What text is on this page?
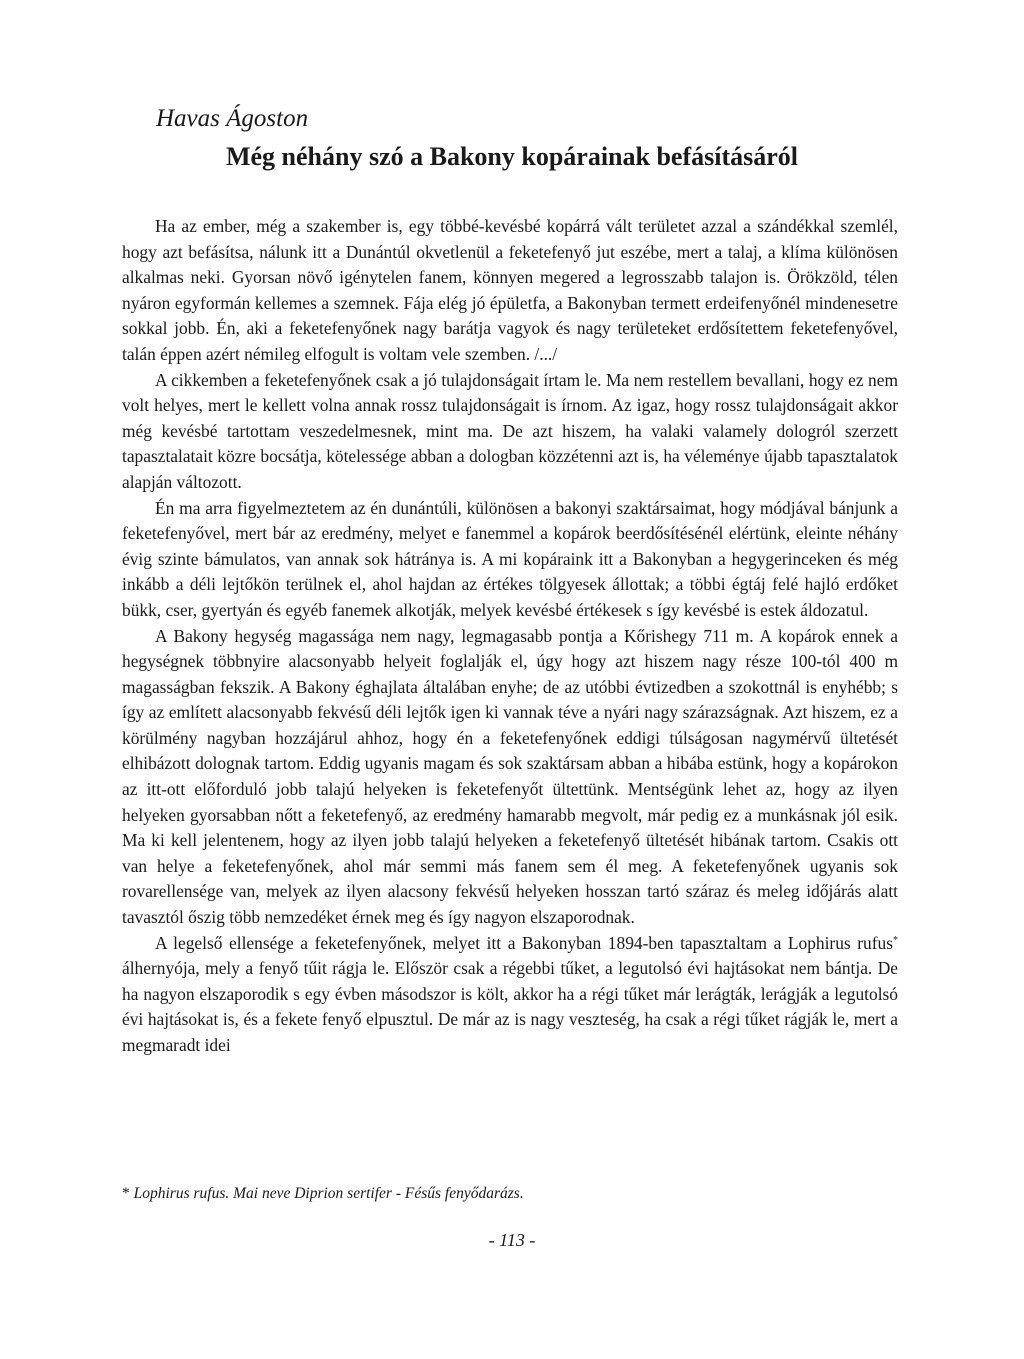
Havas Ágoston
Még néhány szó a Bakony kopárainak befásításáról

Ha az ember, még a szakember is, egy többé-kevésbé kopárrá vált területet azzal a szándékkal szemlél, hogy azt befásítsa, nálunk itt a Dunántúl okvetlenül a feketefenyő jut eszébe, mert a talaj, a klíma különösen alkalmas neki. Gyorsan növő igénytelen fanem, könnyen megered a legrosszabb talajon is. Örökzöld, télen nyáron egyformán kellemes a szemnek. Fája elég jó épületfa, a Bakonyban termett erdeifenyőnél mindenesetre sokkal jobb. Én, aki a feketefenyőnek nagy barátja vagyok és nagy területeket erdősítettem feketefenyővel, talán éppen azért némileg elfogult is voltam vele szemben. /.../

A cikkemben a feketefenyőnek csak a jó tulajdonságait írtam le. Ma nem restellem bevallani, hogy ez nem volt helyes, mert le kellett volna annak rossz tulajdonságait is írnom. Az igaz, hogy rossz tulajdonságait akkor még kevésbé tartottam veszedelmesnek, mint ma. De azt hiszem, ha valaki valamely dologról szerzett tapasztalatait közre bocsátja, kötelessége abban a dologban közzétenni azt is, ha véleménye újabb tapasztalatok alapján változott.

Én ma arra figyelmeztetem az én dunántúli, különösen a bakonyi szaktársaimat, hogy módjával bánjunk a feketefenyővel, mert bár az eredmény, melyet e fanemmel a kopárok beerdősítésénél elértünk, eleinte néhány évig szinte bámulatos, van annak sok hátránya is. A mi kopáraink itt a Bakonyban a hegygerinceken és még inkább a déli lejtőkön terülnek el, ahol hajdan az értékes tölgyesek állottak; a többi égtáj felé hajló erdőket bükk, cser, gyertyán és egyéb fanemek alkotják, melyek kevésbé értékesek s így kevésbé is estek áldozatul.

A Bakony hegység magassága nem nagy, legmagasabb pontja a Kőrishegy 711 m. A kopárok ennek a hegységnek többnyire alacsonyabb helyeit foglalják el, úgy hogy azt hiszem nagy része 100-tól 400 m magasságban fekszik. A Bakony éghajlata általában enyhe; de az utóbbi évtizedben a szokottnál is enyhébb; s így az említett alacsonyabb fekvésű déli lejtők igen ki vannak téve a nyári nagy szárazságnak. Azt hiszem, ez a körülmény nagyban hozzájárul ahhoz, hogy én a feketefenyőnek eddigi túlságosan nagymérvű ültetését elhibázott dolognak tartom. Eddig ugyanis magam és sok szaktársam abban a hibába estünk, hogy a kopárokon az itt-ott előforduló jobb talajú helyeken is feketefenyőt ültettünk. Mentségünk lehet az, hogy az ilyen helyeken gyorsabban nőtt a feketefenyő, az eredmény hamarabb megvolt, már pedig ez a munkásnak jól esik. Ma ki kell jelentenem, hogy az ilyen jobb talajú helyeken a feketefenyő ültetését hibának tartom. Csakis ott van helye a feketefenyőnek, ahol már semmi más fanem sem él meg. A feketefenyőnek ugyanis sok rovarellensége van, melyek az ilyen alacsony fekvésű helyeken hosszan tartó száraz és meleg időjárás alatt tavasztól őszig több nemzedéket érnek meg és így nagyon elszaporodnak.

A legelső ellensége a feketefenyőnek, melyet itt a Bakonyban 1894-ben tapasztaltam a Lophirus rufus* álhernyója, mely a fenyő tűit rágja le. Először csak a régebbi tűket, a legutolsó évi hajtásokat nem bántja. De ha nagyon elszaporodik s egy évben másodszor is költ, akkor ha a régi tűket már lerágták, lerágják a legutolsó évi hajtásokat is, és a fekete fenyő elpusztul. De már az is nagy veszteség, ha csak a régi tűket rágják le, mert a megmaradt idei

* Lophirus rufus. Mai neve Diprion sertifer - Fésűs fenyődarázs.
- 113 -
